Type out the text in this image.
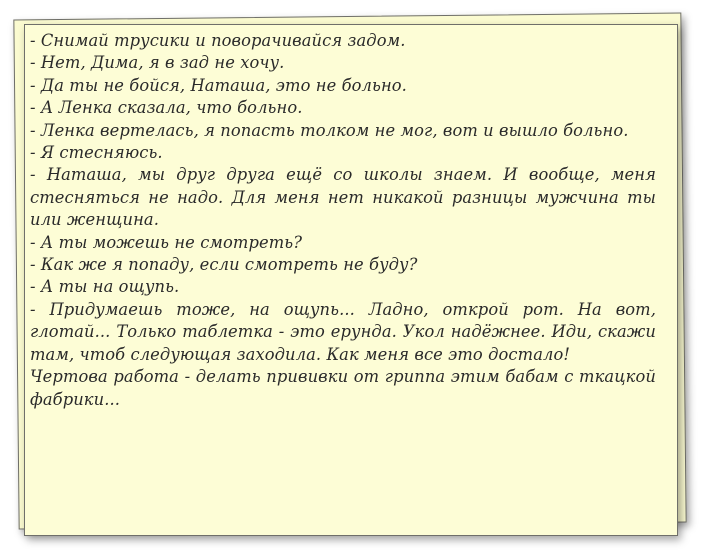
- Снимай трусики и поворачивайся задом.

- Нет, Дима, я в зад не хочу.

- Да ты не бойся, Наташа, это не больно.

- А Ленка сказала, что больно.

- Ленка вертелась, я попасть толком не мог, вот и вышло больно.

- Я стесняюсь.

- Наташа, мы друг друга ещё со школы знаем. И вообще, меня стесняться не надо. Для меня нет никакой разницы мужчина ты или женщина.

- А ты можешь не смотреть?

- Как же я попаду, если смотреть не буду?

- А ты на ощупь.

- Придумаешь тоже, на ощупь... Ладно, открой рот. На вот, глотай... Только таблетка - это ерунда. Укол надёжнее. Иди, скажи там, чтоб следующая заходила. Как меня все это достало!

Чертова работа - делать прививки от гриппа этим бабам с ткацкой фабрики...
